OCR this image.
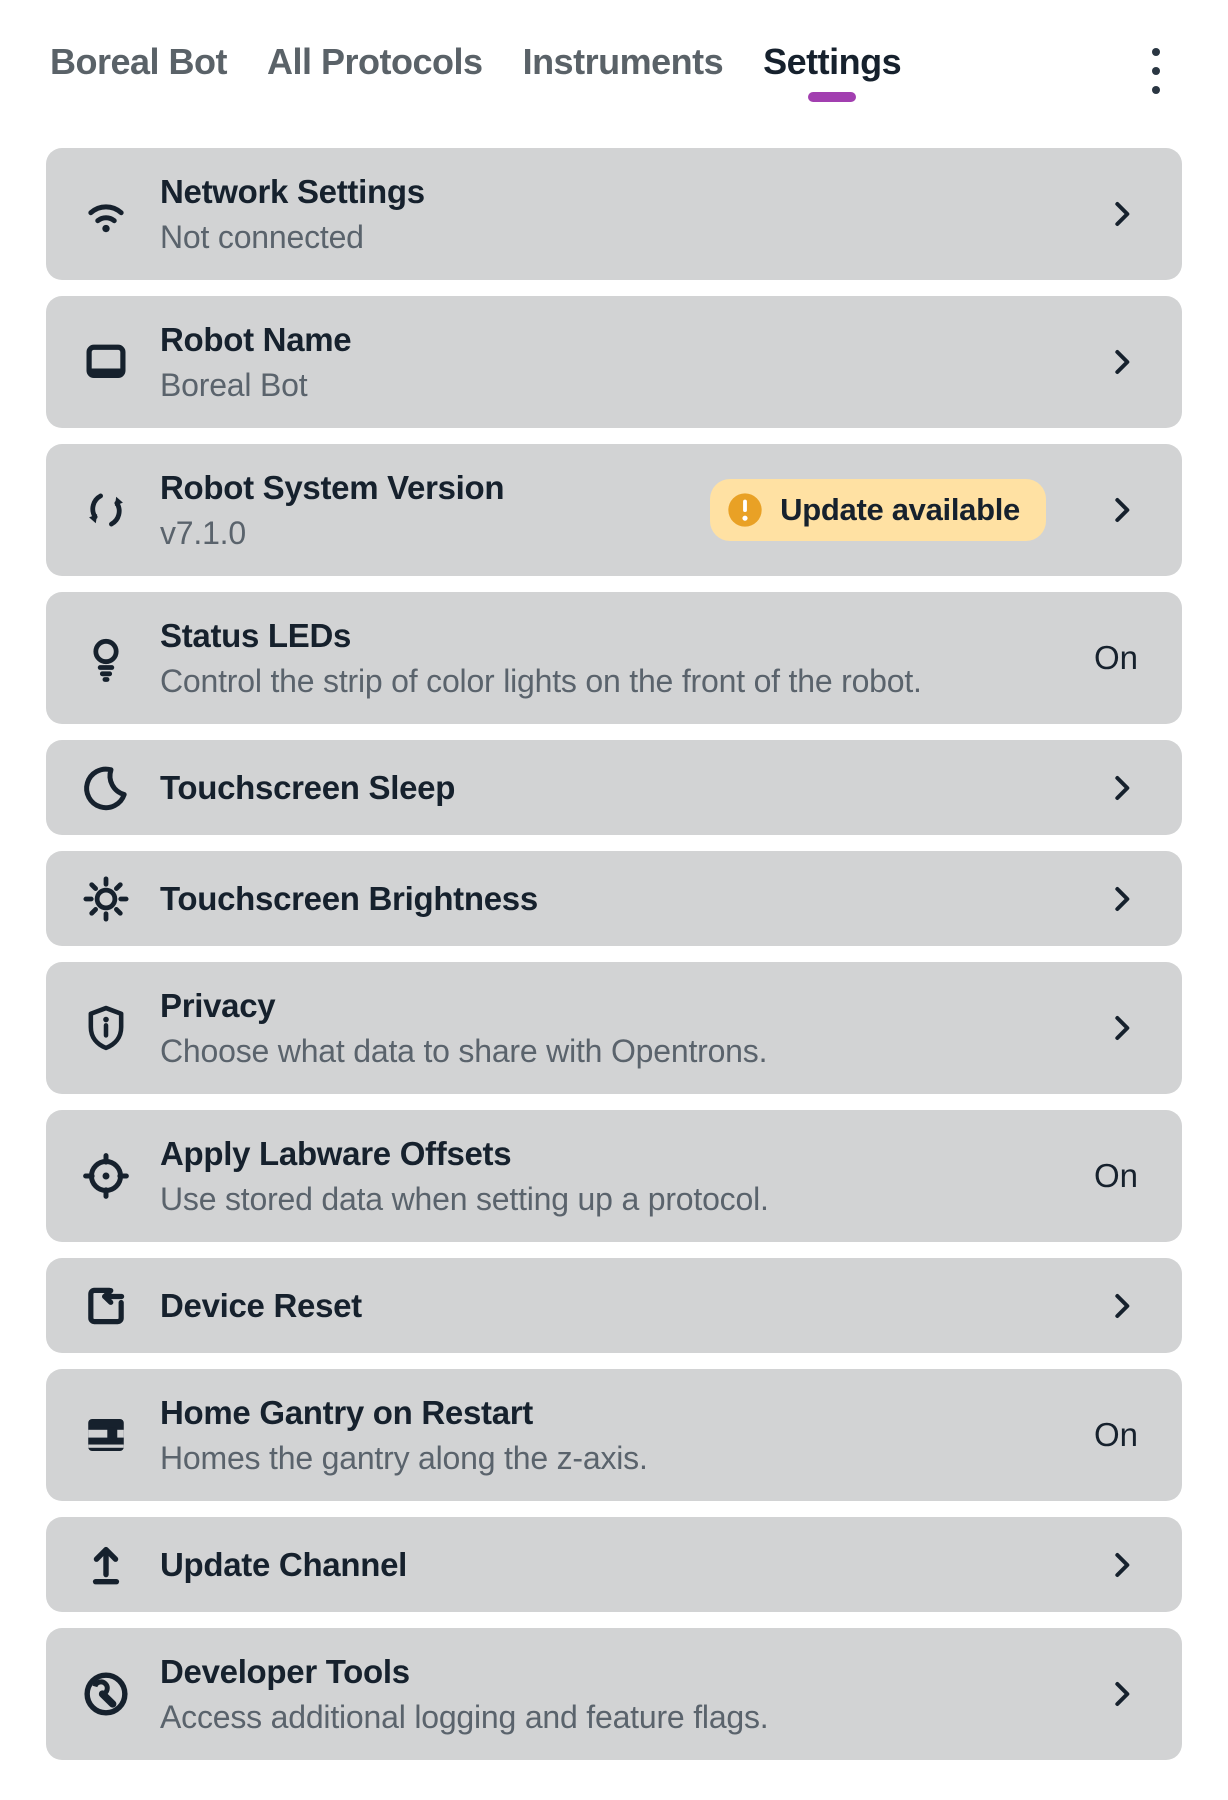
Boreal Bot All Protocols Instruments Settings
Network Settings
Not connected
Robot Name
Boreal Bot
Robot System Version
v7.1.0
Update available
Status LEDs
Control the strip of color lights on the front of the robot.
On
Touchscreen Sleep
Touchscreen Brightness
Privacy
Choose what data to share with Opentrons.
Apply Labware Offsets
Use stored data when setting up a protocol.
On
Device Reset
Home Gantry on Restart
Homes the gantry along the z-axis.
On
Update Channel
Developer Tools
Access additional logging and feature flags.
